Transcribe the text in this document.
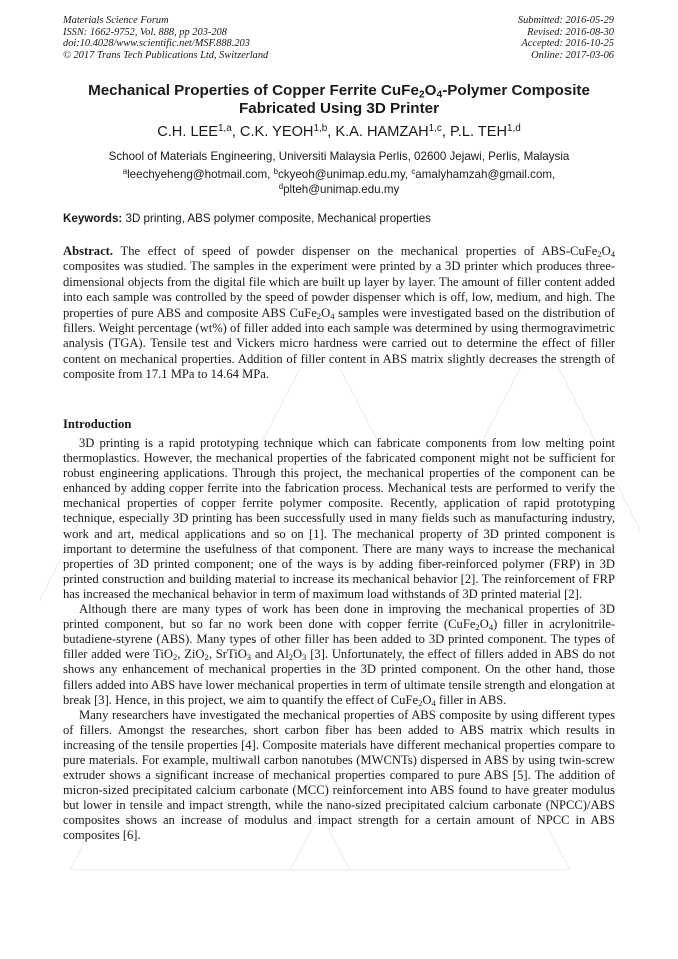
Materials Science Forum
ISSN: 1662-9752, Vol. 888, pp 203-208
doi:10.4028/www.scientific.net/MSF.888.203
© 2017 Trans Tech Publications Ltd, Switzerland
Submitted: 2016-05-29
Revised: 2016-08-30
Accepted: 2016-10-25
Online: 2017-03-06
Mechanical Properties of Copper Ferrite $CuFe_2O_4$-Polymer Composite
Fabricated Using 3D Printer
C.H. LEE$^{1,a}$, C.K. YEOH$^{1,b}$, K.A. HAMZAH$^{1,c}$, P.L. TEH$^{1,d}$
School of Materials Engineering, Universiti Malaysia Perlis, 02600 Jejawi, Perlis, Malaysia
$^a$leechyeheng@hotmail.com, $^b$ckyeoh@unimap.edu.my, $^c$amalyhamzah@gmail.com,
$^d$plteh@unimap.edu.my
Keywords: 3D printing, ABS polymer composite, Mechanical properties
Abstract. The effect of speed of powder dispenser on the mechanical properties of ABS-$CuFe_2O_4$ composites was studied. The samples in the experiment were printed by a 3D printer which produces three-dimensional objects from the digital file which are built up layer by layer. The amount of filler content added into each sample was controlled by the speed of powder dispenser which is off, low, medium, and high. The properties of pure ABS and composite ABS $CuFe_2O_4$ samples were investigated based on the distribution of fillers. Weight percentage (wt%) of filler added into each sample was determined by using thermogravimetric analysis (TGA). Tensile test and Vickers micro hardness were carried out to determine the effect of filler content on mechanical properties. Addition of filler content in ABS matrix slightly decreases the strength of composite from 17.1 MPa to 14.64 MPa.
Introduction

3D printing is a rapid prototyping technique which can fabricate components from low melting point thermoplastics. However, the mechanical properties of the fabricated component might not be sufficient for robust engineering applications. Through this project, the mechanical properties of the component can be enhanced by adding copper ferrite into the fabrication process. Mechanical tests are performed to verify the mechanical properties of copper ferrite polymer composite. Recently, application of rapid prototyping technique, especially 3D printing has been successfully used in many fields such as manufacturing industry, work and art, medical applications and so on [1]. The mechanical property of 3D printed component is important to determine the usefulness of that component. There are many ways to increase the mechanical properties of 3D printed component; one of the ways is by adding fiber-reinforced polymer (FRP) in 3D printed construction and building material to increase its mechanical behavior [2]. The reinforcement of FRP has increased the mechanical behavior in term of maximum load withstands of 3D printed material [2].

Although there are many types of work has been done in improving the mechanical properties of 3D printed component, but so far no work been done with copper ferrite $(CuFe_2O_4)$ filler in acrylonitrile-butadiene-styrene (ABS). Many types of other filler has been added to 3D printed component. The types of filler added were TiO$_2$, ZiO$_2$, SrTiO$_3$ and $Al_2O_3$ [3]. Unfortunately, the effect of fillers added in ABS do not shows any enhancement of mechanical properties in the 3D printed component. On the other hand, those fillers added into ABS have lower mechanical properties in term of ultimate tensile strength and elongation at break [3]. Hence, in this project, we aim to quantify the effect of $CuFe_2O_4$ filler in ABS.

Many researchers have investigated the mechanical properties of ABS composite by using different types of fillers. Amongst the researches, short carbon fiber has been added to ABS matrix which results in increasing of the tensile properties [4]. Composite materials have different mechanical properties compare to pure materials. For example, multiwall carbon nanotubes (MWCNTs) dispersed in ABS by using twin-screw extruder shows a significant increase of mechanical properties compared to pure ABS [5]. The addition of micron-sized precipitated calcium carbonate (MCC) reinforcement into ABS found to have greater modulus but lower in tensile and impact strength, while the nano-sized precipitated calcium carbonate (NPCC)/ABS composites shows an increase of modulus and impact strength for a certain amount of NPCC in ABS composites [6].
